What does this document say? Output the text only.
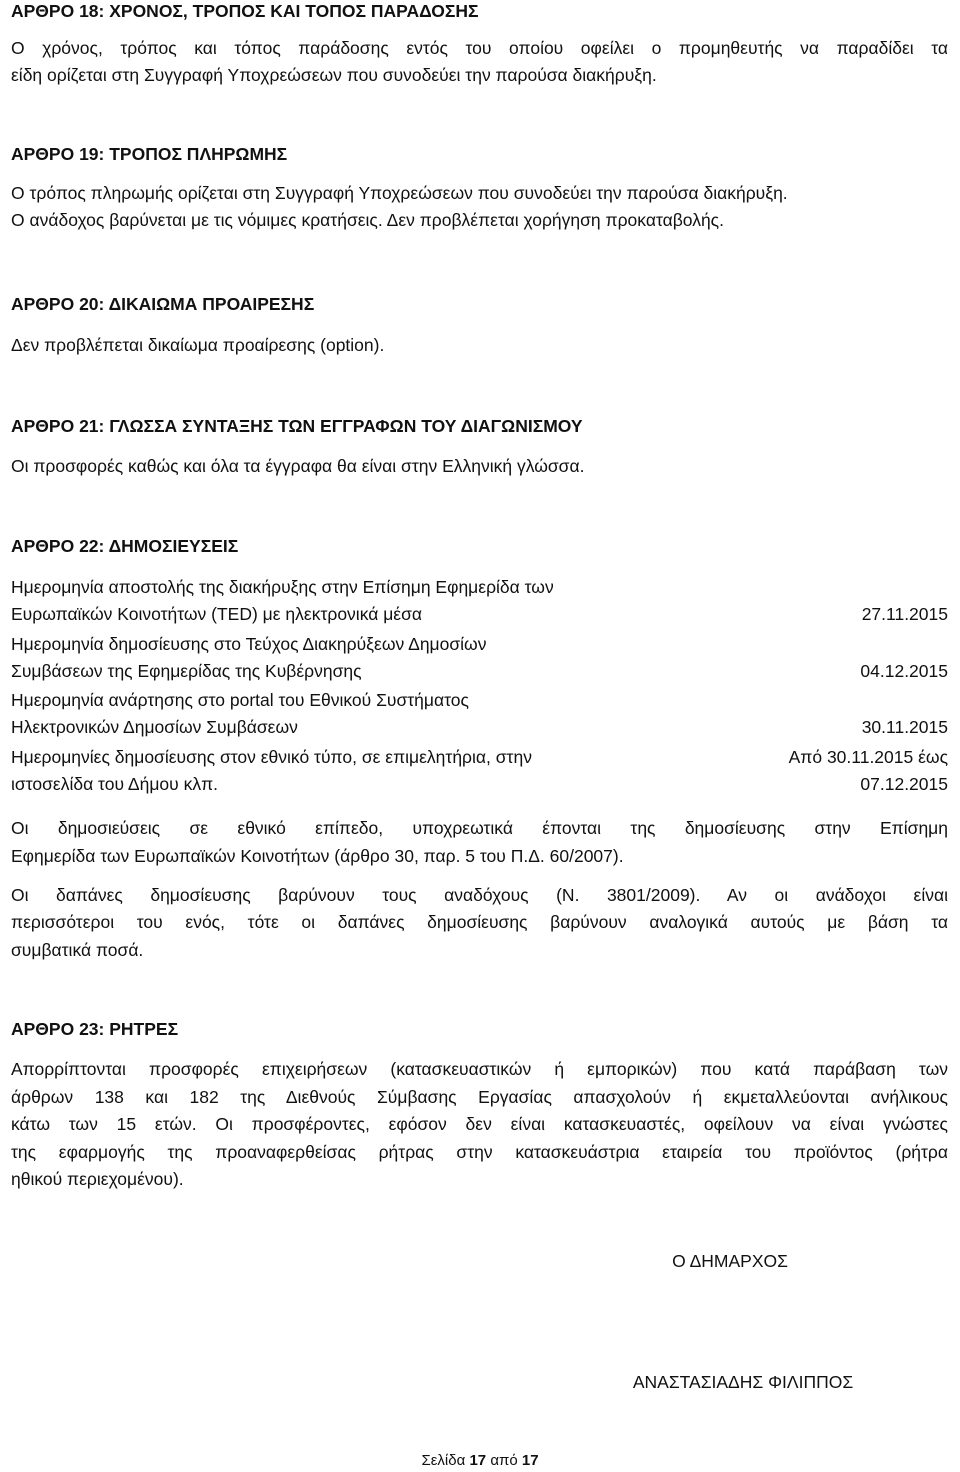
ΑΡΘΡΟ 18: ΧΡΟΝΟΣ, ΤΡΟΠΟΣ ΚΑΙ ΤΟΠΟΣ ΠΑΡΑΔΟΣΗΣ
Ο χρόνος, τρόπος και τόπος παράδοσης εντός του οποίου οφείλει ο προμηθευτής να παραδίδει τα
είδη ορίζεται στη Συγγραφή Υποχρεώσεων που συνοδεύει την παρούσα διακήρυξη.
ΑΡΘΡΟ 19: ΤΡΟΠΟΣ ΠΛΗΡΩΜΗΣ
Ο τρόπος πληρωμής ορίζεται στη Συγγραφή Υποχρεώσεων που συνοδεύει την παρούσα διακήρυξη.
Ο ανάδοχος βαρύνεται με τις νόμιμες κρατήσεις. Δεν προβλέπεται χορήγηση προκαταβολής.
ΑΡΘΡΟ 20: ΔΙΚΑΙΩΜΑ ΠΡΟΑΙΡΕΣΗΣ
Δεν προβλέπεται δικαίωμα προαίρεσης (option).
ΑΡΘΡΟ 21: ΓΛΩΣΣΑ ΣΥΝΤΑΞΗΣ ΤΩΝ ΕΓΓΡΑΦΩΝ ΤΟΥ ΔΙΑΓΩΝΙΣΜΟΥ
Οι προσφορές καθώς και όλα τα έγγραφα θα είναι στην Ελληνική γλώσσα.
ΑΡΘΡΟ 22: ΔΗΜΟΣΙΕΥΣΕΙΣ
Ημερομηνία αποστολής της διακήρυξης στην Επίσημη Εφημερίδα των
Ευρωπαϊκών Κοινοτήτων (TED) με ηλεκτρονικά μέσα	27.11.2015
Ημερομηνία δημοσίευσης στο Τεύχος Διακηρύξεων Δημοσίων
Συμβάσεων της Εφημερίδας της Κυβέρνησης	04.12.2015
Ημερομηνία ανάρτησης στο portal του Εθνικού Συστήματος
Ηλεκτρονικών Δημοσίων Συμβάσεων	30.11.2015
Ημερομηνίες δημοσίευσης στον εθνικό τύπο, σε επιμελητήρια, στην
ιστοσελίδα του Δήμου κλπ.
Από 30.11.2015 έως
07.12.2015
Οι δημοσιεύσεις σε εθνικό επίπεδο, υποχρεωτικά έπονται της δημοσίευσης στην Επίσημη
Εφημερίδα των Ευρωπαϊκών Κοινοτήτων (άρθρο 30, παρ. 5 του Π.Δ. 60/2007).
Οι δαπάνες δημοσίευσης βαρύνουν τους αναδόχους (Ν. 3801/2009). Αν οι ανάδοχοι είναι
περισσότεροι του ενός, τότε οι δαπάνες δημοσίευσης βαρύνουν αναλογικά αυτούς με βάση τα
συμβατικά ποσά.
ΑΡΘΡΟ 23: ΡΗΤΡΕΣ
Απορρίπτονται προσφορές επιχειρήσεων (κατασκευαστικών ή εμπορικών) που κατά παράβαση των
άρθρων 138 και 182 της Διεθνούς Σύμβασης Εργασίας απασχολούν ή εκμεταλλεύονται ανήλικους
κάτω των 15 ετών. Οι προσφέροντες, εφόσον δεν είναι κατασκευαστές, οφείλουν να είναι γνώστες
της εφαρμογής της προαναφερθείσας ρήτρας στην κατασκευάστρια εταιρεία του προϊόντος (ρήτρα
ηθικού περιεχομένου).
Ο ΔΗΜΑΡΧΟΣ
ΑΝΑΣΤΑΣΙΑΔΗΣ ΦΙΛΙΠΠΟΣ
Σελίδα 17 από 17
